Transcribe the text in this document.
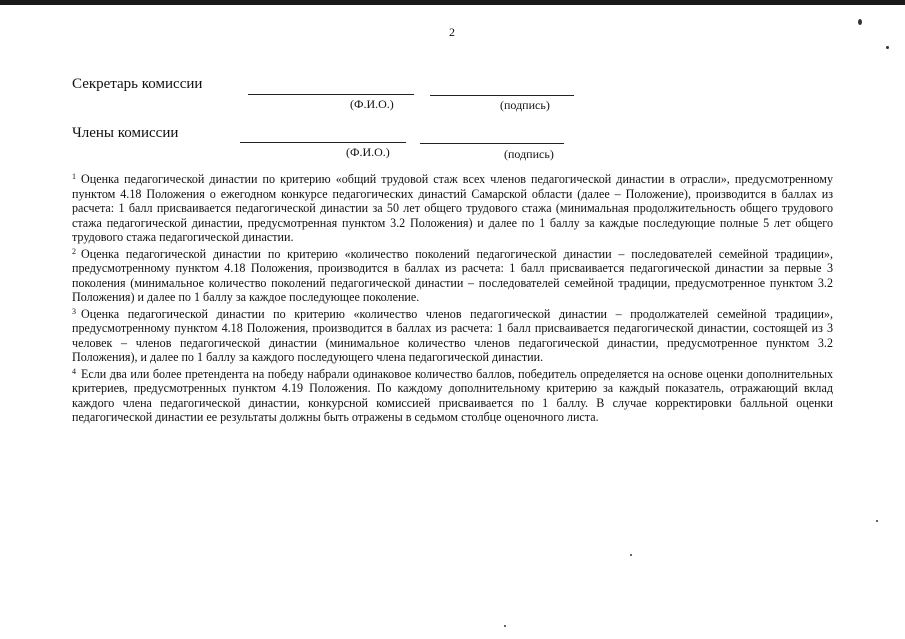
2
Секретарь комиссии
(Ф.И.О.)	(подпись)
Члены комиссии
(Ф.И.О.)	(подпись)

$^1$ Оценка педагогической династии по критерию «общий трудовой стаж всех членов педагогической династии в отрасли», предусмотренному пунктом 4.18 Положения о ежегодном конкурсе педагогических династий Самарской области (далее – Положение), производится в баллах из расчета: 1 балл присваивается педагогической династии за 50 лет общего трудового стажа (минимальная продолжительность общего трудового стажа педагогической династии, предусмотренная пунктом 3.2 Положения) и далее по 1 баллу за каждые последующие полные 5 лет общего трудового стажа педагогической династии.

$^2$ Оценка педагогической династии по критерию «количество поколений педагогической династии – последователей семейной традиции», предусмотренному пунктом 4.18 Положения, производится в баллах из расчета: 1 балл присваивается педагогической династии за первые 3 поколения (минимальное количество поколений педагогической династии – последователей семейной традиции, предусмотренное пунктом 3.2 Положения) и далее по 1 баллу за каждое последующее поколение.

$^3$ Оценка педагогической династии по критерию «количество членов педагогической династии – продолжателей семейной традиции», предусмотренному пунктом 4.18 Положения, производится в баллах из расчета: 1 балл присваивается педагогической династии, состоящей из 3 человек – членов педагогической династии (минимальное количество членов педагогической династии, предусмотренное пунктом 3.2 Положения), и далее по 1 баллу за каждого последующего члена педагогической династии.

$^4$ Если два или более претендента на победу набрали одинаковое количество баллов, победитель определяется на основе оценки дополнительных критериев, предусмотренных пунктом 4.19 Положения. По каждому дополнительному критерию за каждый показатель, отражающий вклад каждого члена педагогической династии, конкурсной комиссией присваивается по 1 баллу. В случае корректировки балльной оценки педагогической династии ее результаты должны быть отражены в седьмом столбце оценочного листа.
